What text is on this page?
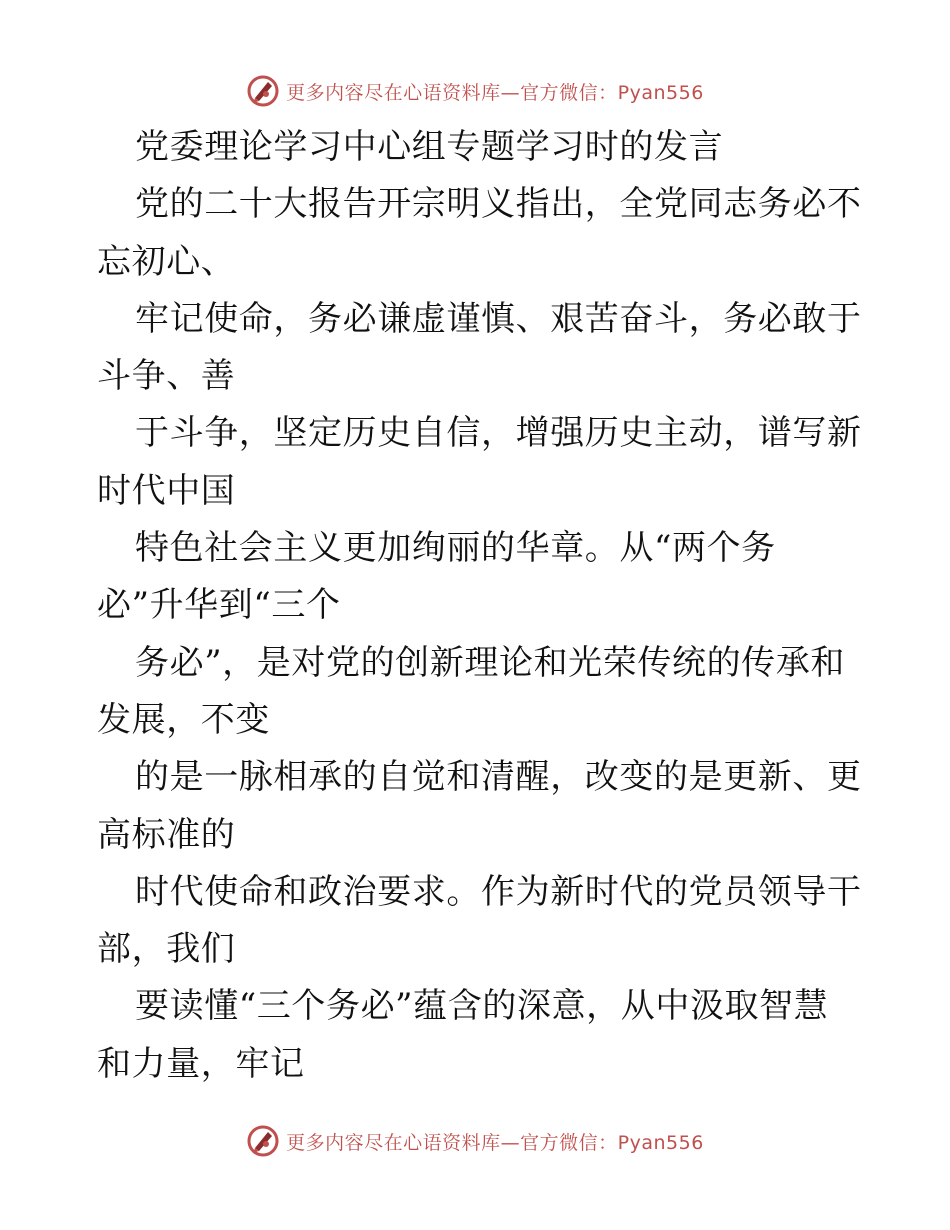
更多内容尽在心语资料库—官方微信：Pyan556
党委理论学习中心组专题学习时的发言
党的二十大报告开宗明义指出，全党同志务必不
忘初心、
牢记使命，务必谦虚谨慎、艰苦奋斗，务必敢于
斗争、善
于斗争，坚定历史自信，增强历史主动，谱写新
时代中国
特色社会主义更加绚丽的华章。从“两个务
必”升华到“三个
务必”，是对党的创新理论和光荣传统的传承和
发展，不变
的是一脉相承的自觉和清醒，改变的是更新、更
高标准的
时代使命和政治要求。作为新时代的党员领导干
部，我们
要读懂“三个务必”蕴含的深意，从中汲取智慧
和力量，牢记
更多内容尽在心语资料库—官方微信：Pyan556
